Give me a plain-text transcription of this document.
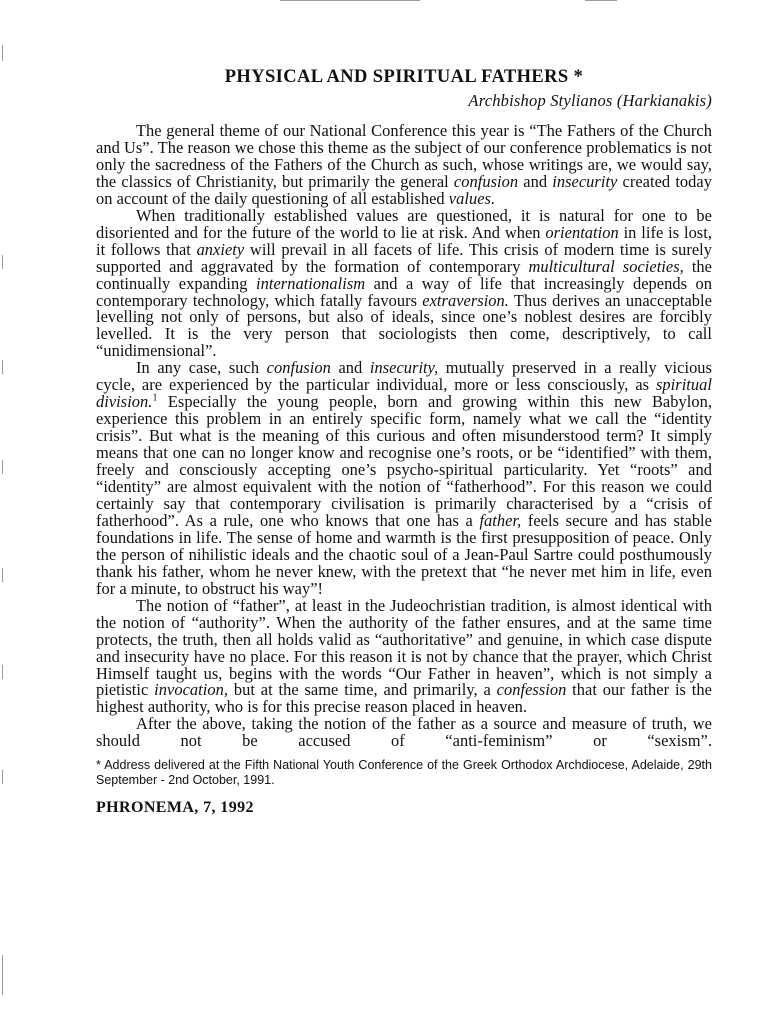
PHYSICAL AND SPIRITUAL FATHERS *
Archbishop Stylianos (Harkianakis)

The general theme of our National Conference this year is “The Fathers of the Church and Us”. The reason we chose this theme as the subject of our conference problematics is not only the sacredness of the Fathers of the Church as such, whose writings are, we would say, the classics of Christianity, but primarily the general confusion and insecurity created today on account of the daily questioning of all established values.

When traditionally established values are questioned, it is natural for one to be disoriented and for the future of the world to lie at risk. And when orientation in life is lost, it follows that anxiety will prevail in all facets of life. This crisis of modern time is surely supported and aggravated by the formation of contemporary multicultural societies, the continually expanding internationalism and a way of life that increasingly depends on contemporary technology, which fatally favours extraversion. Thus derives an unacceptable levelling not only of persons, but also of ideals, since one’s noblest desires are forcibly levelled. It is the very person that sociologists then come, descriptively, to call “unidimensional”.

In any case, such confusion and insecurity, mutually preserved in a really vicious cycle, are experienced by the particular individual, more or less consciously, as spiritual division.$^1$ Especially the young people, born and growing within this new Babylon, experience this problem in an entirely specific form, namely what we call the “identity crisis”. But what is the meaning of this curious and often misunderstood term? It simply means that one can no longer know and recognise one’s roots, or be “identified” with them, freely and consciously accepting one’s psycho-spiritual particularity. Yet “roots” and “identity” are almost equivalent with the notion of “fatherhood”. For this reason we could certainly say that contemporary civilisation is primarily characterised by a “crisis of fatherhood”. As a rule, one who knows that one has a father, feels secure and has stable foundations in life. The sense of home and warmth is the first presupposition of peace. Only the person of nihilistic ideals and the chaotic soul of a Jean-Paul Sartre could posthumously thank his father, whom he never knew, with the pretext that “he never met him in life, even for a minute, to obstruct his way”!

The notion of “father”, at least in the Judeochristian tradition, is almost identical with the notion of “authority”. When the authority of the father ensures, and at the same time protects, the truth, then all holds valid as “authoritative” and genuine, in which case dispute and insecurity have no place. For this reason it is not by chance that the prayer, which Christ Himself taught us, begins with the words “Our Father in heaven”, which is not simply a pietistic invocation, but at the same time, and primarily, a confession that our father is the highest authority, who is for this precise reason placed in heaven.

After the above, taking the notion of the father as a source and measure of truth, we should not be accused of “anti-feminism” or “sexism”.

* Address delivered at the Fifth National Youth Conference of the Greek Orthodox Archdiocese, Adelaide, 29th September - 2nd October, 1991.
PHRONEMA, 7, 1992
